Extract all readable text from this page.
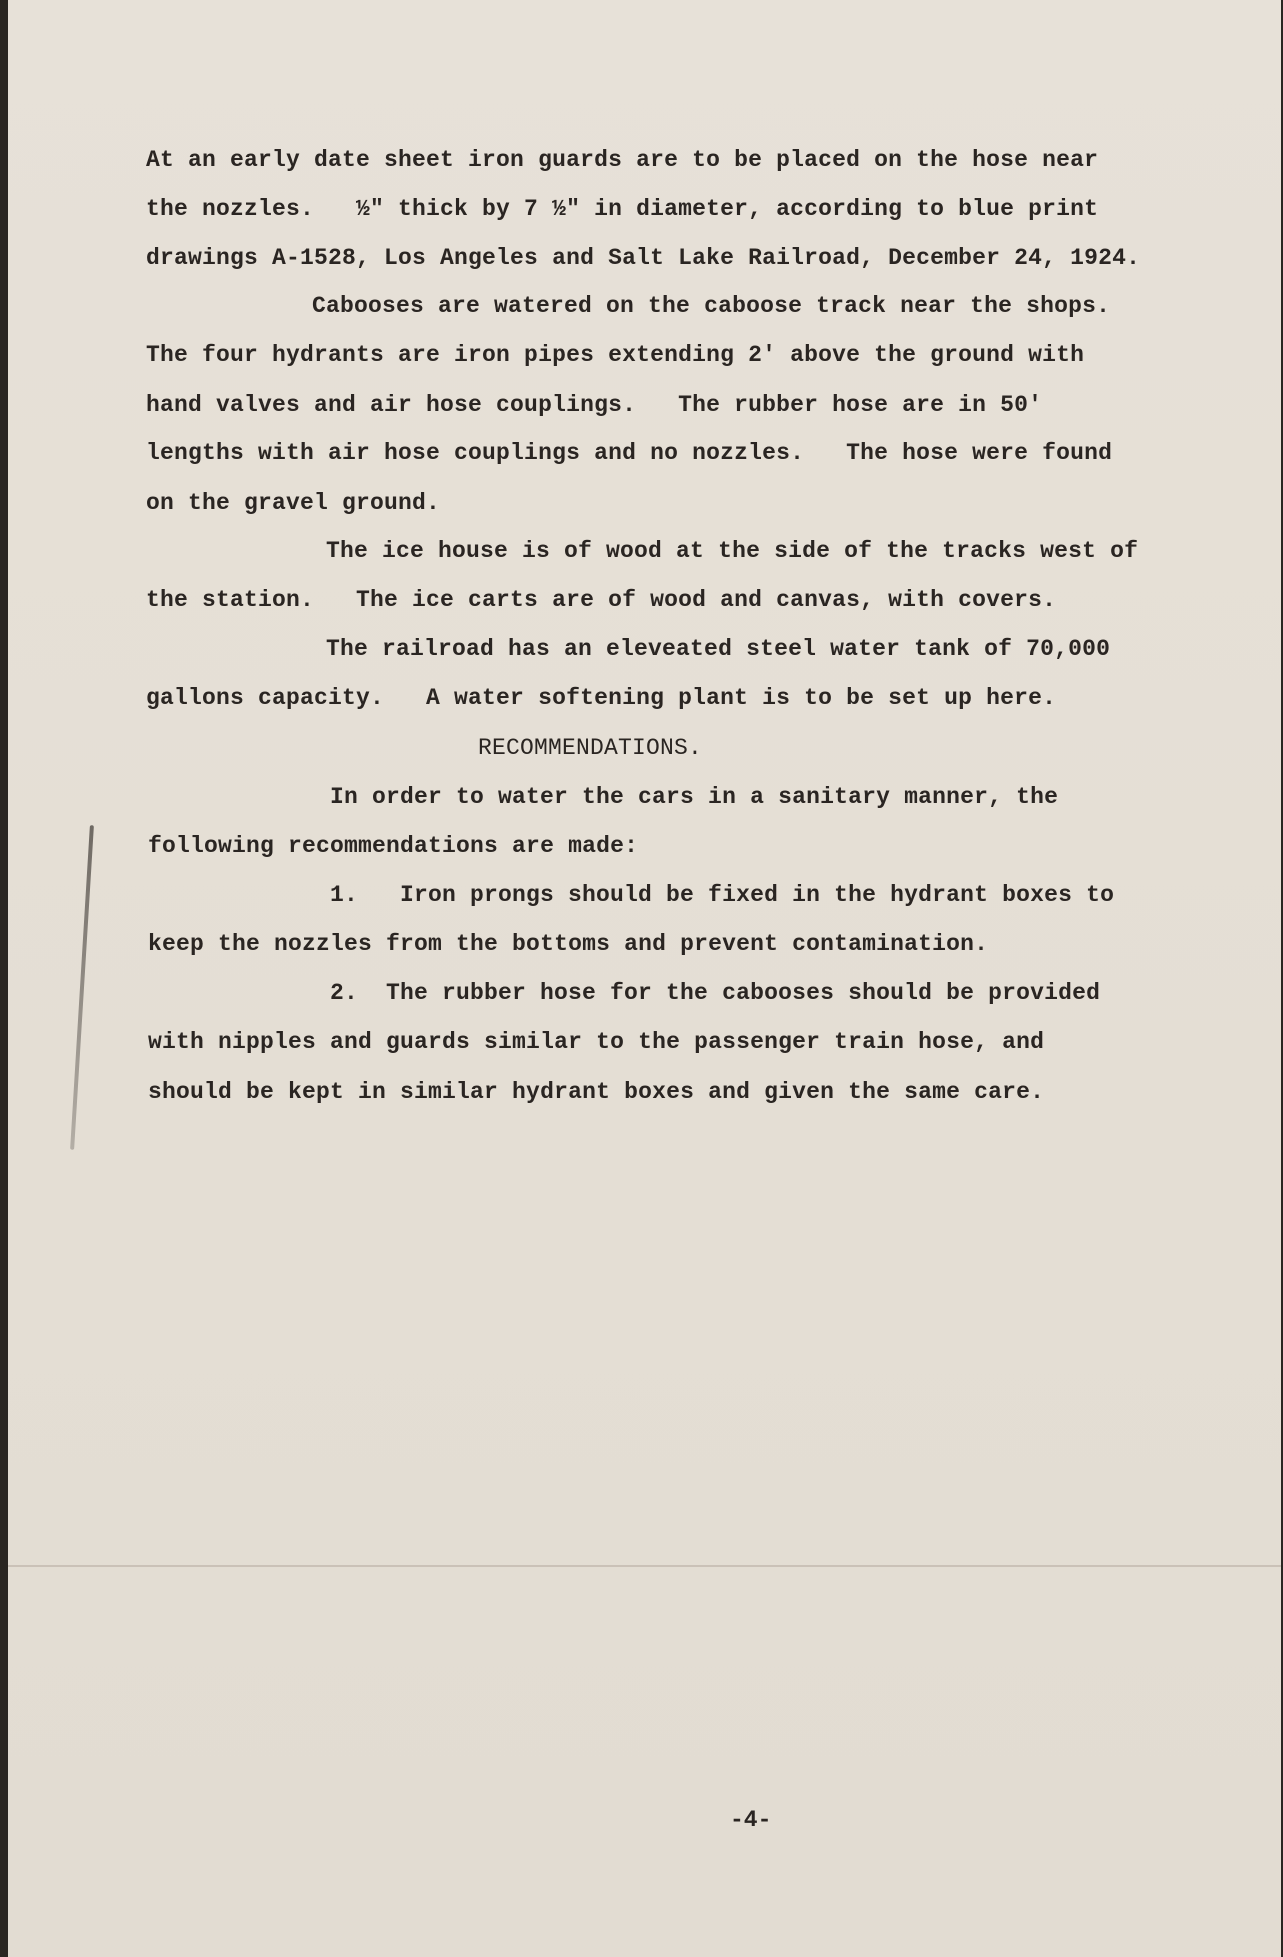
At an early date sheet iron guards are to be placed on the hose near
the nozzles.   ½" thick by 7 ½" in diameter, according to blue print
drawings A-1528, Los Angeles and Salt Lake Railroad, December 24, 1924.
Cabooses are watered on the caboose track near the shops.
The four hydrants are iron pipes extending 2' above the ground with
hand valves and air hose couplings.   The rubber hose are in 50'
lengths with air hose couplings and no nozzles.   The hose were found
on the gravel ground.
The ice house is of wood at the side of the tracks west of
the station.   The ice carts are of wood and canvas, with covers.
The railroad has an eleveated steel water tank of 70,000
gallons capacity.   A water softening plant is to be set up here.
RECOMMENDATIONS.
In order to water the cars in a sanitary manner, the
following recommendations are made:
1.   Iron prongs should be fixed in the hydrant boxes to
keep the nozzles from the bottoms and prevent contamination.
2.  The rubber hose for the cabooses should be provided
with nipples and guards similar to the passenger train hose, and
should be kept in similar hydrant boxes and given the same care.
-4-
